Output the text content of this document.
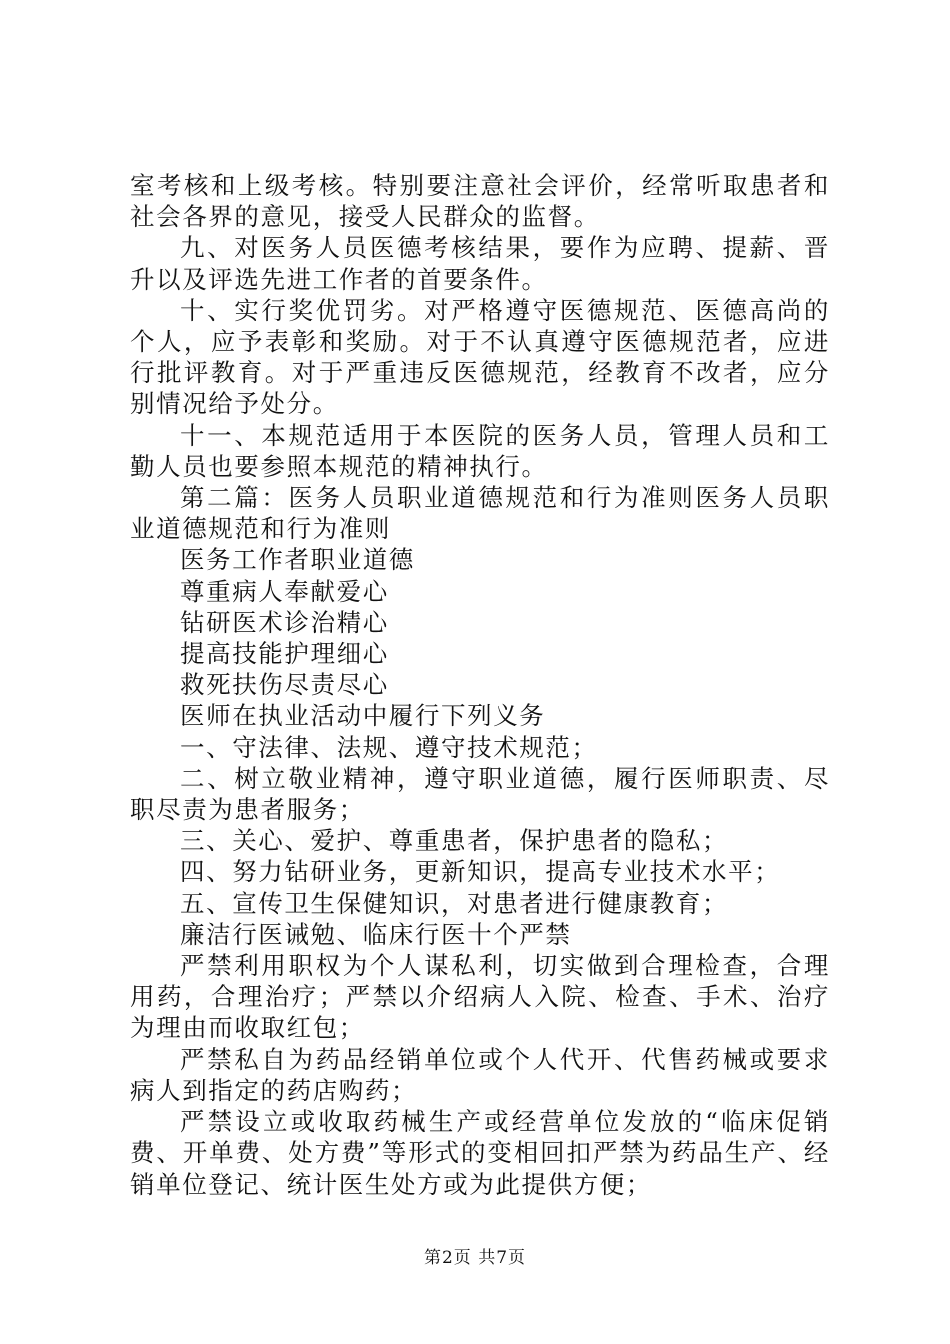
室考核和上级考核。特别要注意社会评价，经常听取患者和社会各界的意见，接受人民群众的监督。

九、对医务人员医德考核结果，要作为应聘、提薪、晋升以及评选先进工作者的首要条件。

十、实行奖优罚劣。对严格遵守医德规范、医德高尚的个人，应予表彰和奖励。对于不认真遵守医德规范者，应进行批评教育。对于严重违反医德规范，经教育不改者，应分别情况给予处分。

十一、本规范适用于本医院的医务人员，管理人员和工勤人员也要参照本规范的精神执行。

第二篇：医务人员职业道德规范和行为准则医务人员职业道德规范和行为准则

医务工作者职业道德

尊重病人奉献爱心

钻研医术诊治精心

提高技能护理细心

救死扶伤尽责尽心

医师在执业活动中履行下列义务

一、守法律、法规、遵守技术规范；

二、树立敬业精神，遵守职业道德，履行医师职责、尽职尽责为患者服务；

三、关心、爱护、尊重患者，保护患者的隐私；

四、努力钻研业务，更新知识，提高专业技术水平；

五、宣传卫生保健知识，对患者进行健康教育；

廉洁行医诫勉、临床行医十个严禁

严禁利用职权为个人谋私利，切实做到合理检查，合理用药，合理治疗；严禁以介绍病人入院、检查、手术、治疗为理由而收取红包；

严禁私自为药品经销单位或个人代开、代售药械或要求病人到指定的药店购药；

严禁设立或收取药械生产或经营单位发放的“临床促销费、开单费、处方费”等形式的变相回扣严禁为药品生产、经销单位登记、统计医生处方或为此提供方便；

第2页 共7页
